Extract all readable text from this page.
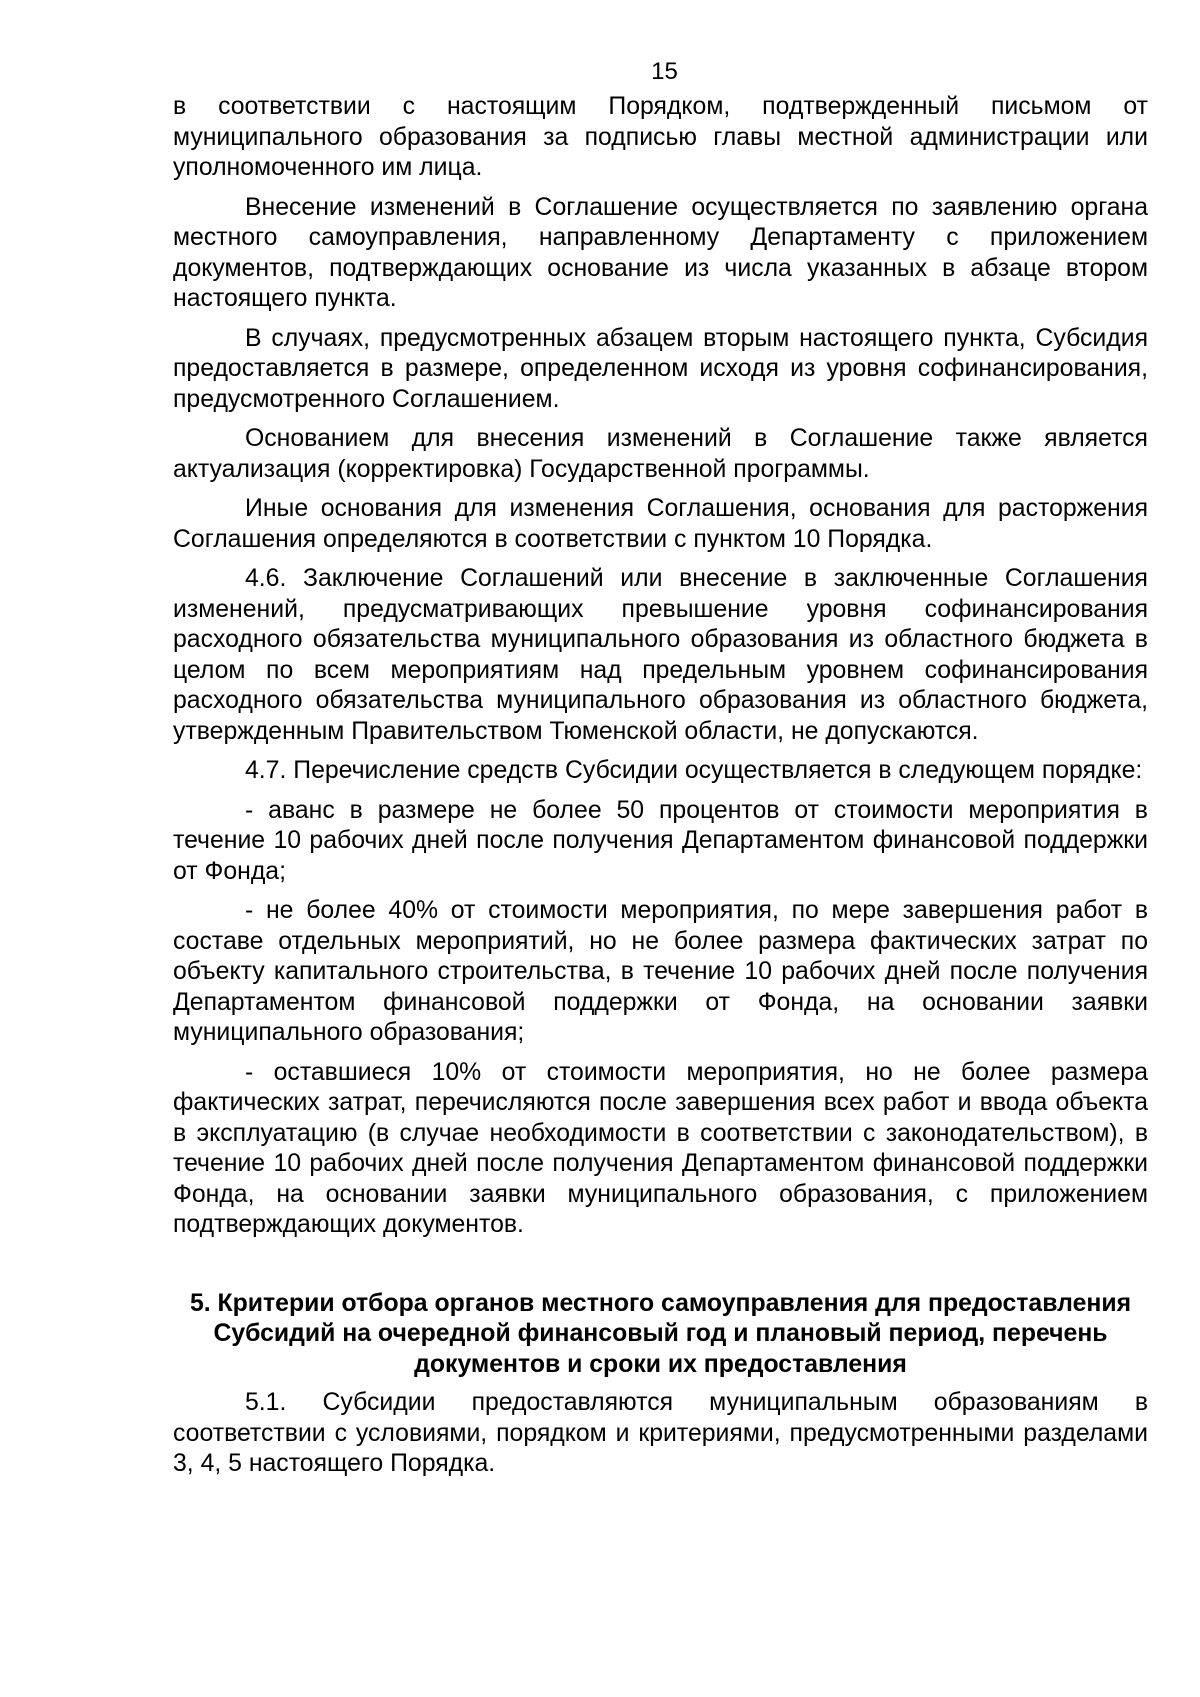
15

в соответствии с настоящим Порядком, подтвержденный письмом от муниципального образования за подписью главы местной администрации или уполномоченного им лица.

Внесение изменений в Соглашение осуществляется по заявлению органа местного самоуправления, направленному Департаменту с приложением документов, подтверждающих основание из числа указанных в абзаце втором настоящего пункта.

В случаях, предусмотренных абзацем вторым настоящего пункта, Субсидия предоставляется в размере, определенном исходя из уровня софинансирования, предусмотренного Соглашением.

Основанием для внесения изменений в Соглашение также является актуализация (корректировка) Государственной программы.

Иные основания для изменения Соглашения, основания для расторжения Соглашения определяются в соответствии с пунктом 10 Порядка.

4.6. Заключение Соглашений или внесение в заключенные Соглашения изменений, предусматривающих превышение уровня софинансирования расходного обязательства муниципального образования из областного бюджета в целом по всем мероприятиям над предельным уровнем софинансирования расходного обязательства муниципального образования из областного бюджета, утвержденным Правительством Тюменской области, не допускаются.

4.7. Перечисление средств Субсидии осуществляется в следующем порядке:

- аванс в размере не более 50 процентов от стоимости мероприятия в течение 10 рабочих дней после получения Департаментом финансовой поддержки от Фонда;

- не более 40% от стоимости мероприятия, по мере завершения работ в составе отдельных мероприятий, но не более размера фактических затрат по объекту капитального строительства, в течение 10 рабочих дней после получения Департаментом финансовой поддержки от Фонда, на основании заявки муниципального образования;

- оставшиеся 10% от стоимости мероприятия, но не более размера фактических затрат, перечисляются после завершения всех работ и ввода объекта в эксплуатацию (в случае необходимости в соответствии с законодательством), в течение 10 рабочих дней после получения Департаментом финансовой поддержки Фонда, на основании заявки муниципального образования, с приложением подтверждающих документов.

5. Критерии отбора органов местного самоуправления для предоставления Субсидий на очередной финансовый год и плановый период, перечень документов и сроки их предоставления

5.1. Субсидии предоставляются муниципальным образованиям в соответствии с условиями, порядком и критериями, предусмотренными разделами 3, 4, 5 настоящего Порядка.
